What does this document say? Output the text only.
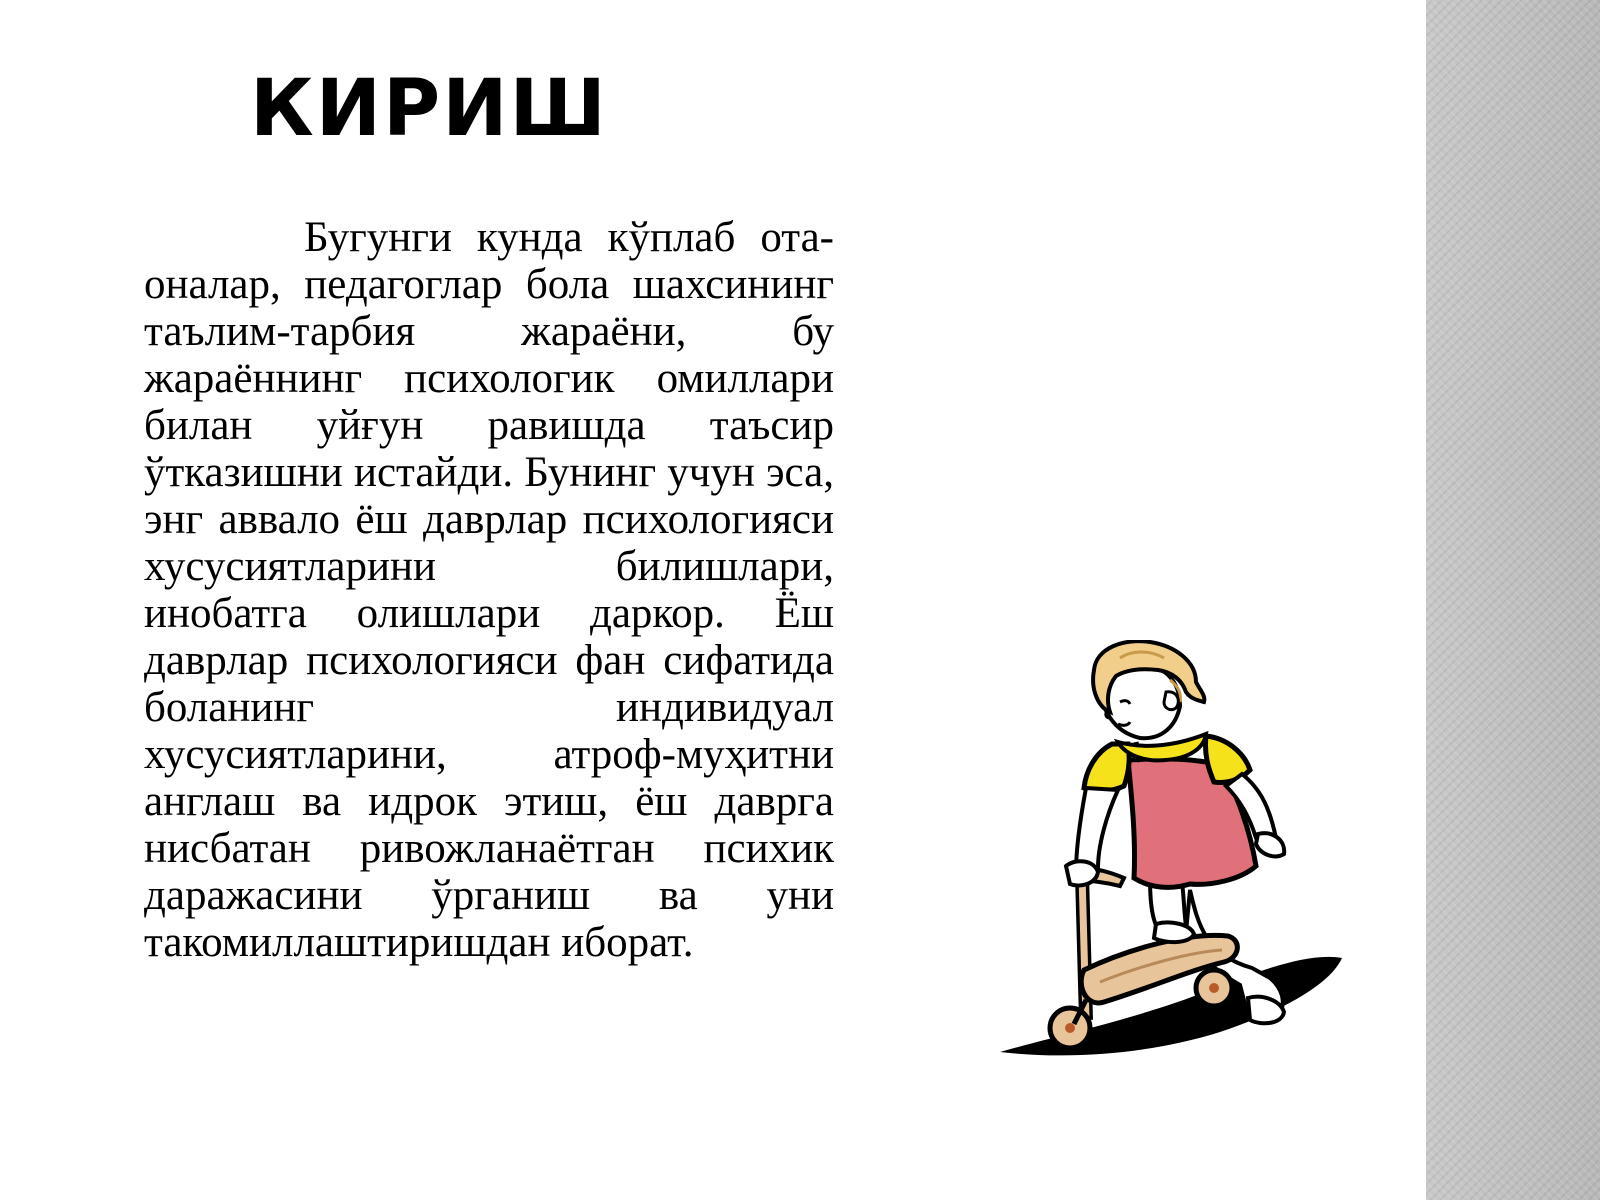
КИРИШ

Бугунги кунда кўплаб ота-оналар, педагоглар бола шахсининг таълим-тарбия жараёни, бу жараённинг психологик омиллари билан уйғун равишда таъсир ўтказишни истайди. Бунинг учун эса, энг аввало ёш даврлар психологияси хусусиятларини билишлари, инобатга олишлари даркор. Ёш даврлар психологияси фан сифатида боланинг индивидуал хусусиятларини, атроф-муҳитни англаш ва идрок этиш, ёш даврга нисбатан ривожланаётган психик даражасини ўрганиш ва уни такомиллаштиришдан иборат.
